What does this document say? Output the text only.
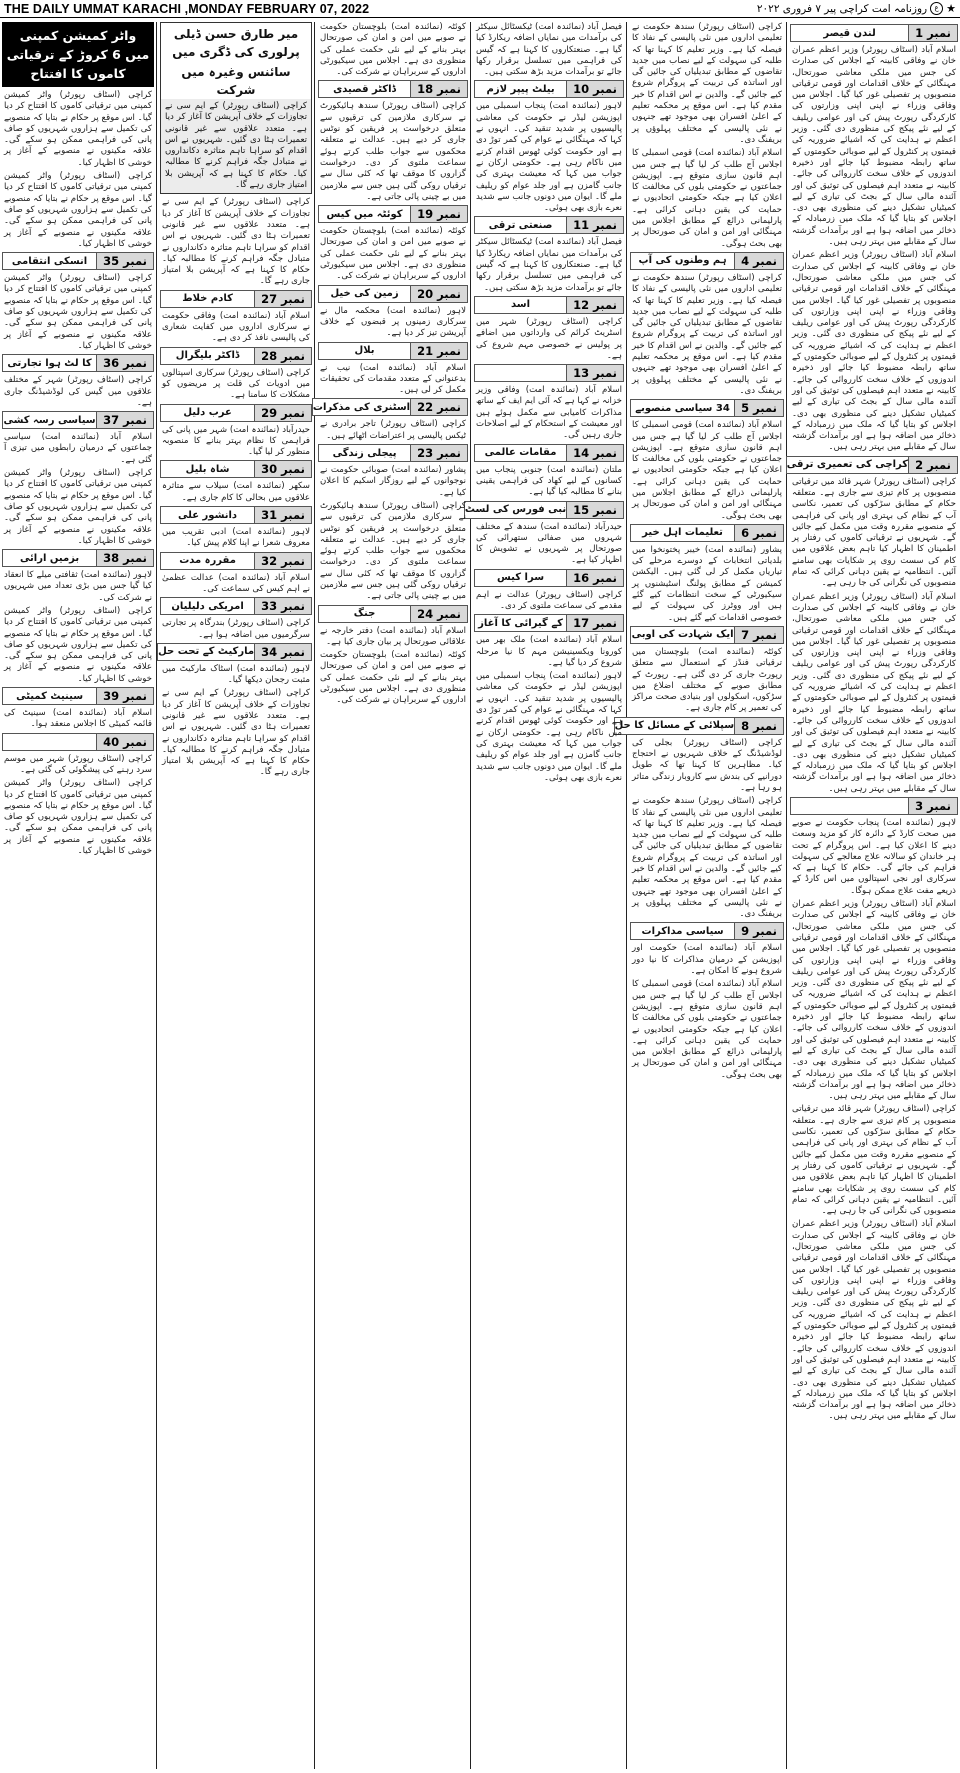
THE DAILY UMMAT KARACHI ,MONDAY FEBRUARY 07, 2022	★
ع
روزنامہ امت کراچی پیر ۷ فروری ۲۰۲۲
نمبر 1
لندن قیصر

اسلام آباد (اسٹاف رپورٹر) وزیر اعظم عمران خان نے وفاقی کابینہ کے اجلاس کی صدارت کی جس میں ملکی معاشی صورتحال، مہنگائی کے خلاف اقدامات اور قومی ترقیاتی منصوبوں پر تفصیلی غور کیا گیا۔ اجلاس میں وفاقی وزراء نے اپنی اپنی وزارتوں کی کارکردگی رپورٹ پیش کی اور عوامی ریلیف کے لیے نئے پیکج کی منظوری دی گئی۔ وزیر اعظم نے ہدایت کی کہ اشیائے ضروریہ کی قیمتوں پر کنٹرول کے لیے صوبائی حکومتوں کے ساتھ رابطہ مضبوط کیا جائے اور ذخیرہ اندوزوں کے خلاف سخت کارروائی کی جائے۔ کابینہ نے متعدد اہم فیصلوں کی توثیق کی اور آئندہ مالی سال کے بجٹ کی تیاری کے لیے کمیٹیاں تشکیل دینے کی منظوری بھی دی۔ اجلاس کو بتایا گیا کہ ملک میں زرمبادلہ کے ذخائر میں اضافہ ہوا ہے اور برآمدات گزشتہ سال کے مقابلے میں بہتر رہی ہیں۔

اسلام آباد (اسٹاف رپورٹر) وزیر اعظم عمران خان نے وفاقی کابینہ کے اجلاس کی صدارت کی جس میں ملکی معاشی صورتحال، مہنگائی کے خلاف اقدامات اور قومی ترقیاتی منصوبوں پر تفصیلی غور کیا گیا۔ اجلاس میں وفاقی وزراء نے اپنی اپنی وزارتوں کی کارکردگی رپورٹ پیش کی اور عوامی ریلیف کے لیے نئے پیکج کی منظوری دی گئی۔ وزیر اعظم نے ہدایت کی کہ اشیائے ضروریہ کی قیمتوں پر کنٹرول کے لیے صوبائی حکومتوں کے ساتھ رابطہ مضبوط کیا جائے اور ذخیرہ اندوزوں کے خلاف سخت کارروائی کی جائے۔ کابینہ نے متعدد اہم فیصلوں کی توثیق کی اور آئندہ مالی سال کے بجٹ کی تیاری کے لیے کمیٹیاں تشکیل دینے کی منظوری بھی دی۔ اجلاس کو بتایا گیا کہ ملک میں زرمبادلہ کے ذخائر میں اضافہ ہوا ہے اور برآمدات گزشتہ سال کے مقابلے میں بہتر رہی ہیں۔

نمبر 2
کراچی کی تعمیری ترقی

کراچی (اسٹاف رپورٹر) شہر قائد میں ترقیاتی منصوبوں پر کام تیزی سے جاری ہے۔ متعلقہ حکام کے مطابق سڑکوں کی تعمیر، نکاسی آب کے نظام کی بہتری اور پانی کی فراہمی کے منصوبے مقررہ وقت میں مکمل کیے جائیں گے۔ شہریوں نے ترقیاتی کاموں کی رفتار پر اطمینان کا اظہار کیا تاہم بعض علاقوں میں کام کی سست روی پر شکایات بھی سامنے آئیں۔ انتظامیہ نے یقین دہانی کرائی کہ تمام منصوبوں کی نگرانی کی جا رہی ہے۔

اسلام آباد (اسٹاف رپورٹر) وزیر اعظم عمران خان نے وفاقی کابینہ کے اجلاس کی صدارت کی جس میں ملکی معاشی صورتحال، مہنگائی کے خلاف اقدامات اور قومی ترقیاتی منصوبوں پر تفصیلی غور کیا گیا۔ اجلاس میں وفاقی وزراء نے اپنی اپنی وزارتوں کی کارکردگی رپورٹ پیش کی اور عوامی ریلیف کے لیے نئے پیکج کی منظوری دی گئی۔ وزیر اعظم نے ہدایت کی کہ اشیائے ضروریہ کی قیمتوں پر کنٹرول کے لیے صوبائی حکومتوں کے ساتھ رابطہ مضبوط کیا جائے اور ذخیرہ اندوزوں کے خلاف سخت کارروائی کی جائے۔ کابینہ نے متعدد اہم فیصلوں کی توثیق کی اور آئندہ مالی سال کے بجٹ کی تیاری کے لیے کمیٹیاں تشکیل دینے کی منظوری بھی دی۔ اجلاس کو بتایا گیا کہ ملک میں زرمبادلہ کے ذخائر میں اضافہ ہوا ہے اور برآمدات گزشتہ سال کے مقابلے میں بہتر رہی ہیں۔

نمبر 3

لاہور (نمائندہ امت) پنجاب حکومت نے صوبے میں صحت کارڈ کے دائرہ کار کو مزید وسعت دینے کا اعلان کیا ہے۔ اس پروگرام کے تحت ہر خاندان کو سالانہ علاج معالجے کی سہولت فراہم کی جائے گی۔ حکام کا کہنا ہے کہ سرکاری اور نجی اسپتالوں میں اس کارڈ کے ذریعے مفت علاج ممکن ہوگا۔

اسلام آباد (اسٹاف رپورٹر) وزیر اعظم عمران خان نے وفاقی کابینہ کے اجلاس کی صدارت کی جس میں ملکی معاشی صورتحال، مہنگائی کے خلاف اقدامات اور قومی ترقیاتی منصوبوں پر تفصیلی غور کیا گیا۔ اجلاس میں وفاقی وزراء نے اپنی اپنی وزارتوں کی کارکردگی رپورٹ پیش کی اور عوامی ریلیف کے لیے نئے پیکج کی منظوری دی گئی۔ وزیر اعظم نے ہدایت کی کہ اشیائے ضروریہ کی قیمتوں پر کنٹرول کے لیے صوبائی حکومتوں کے ساتھ رابطہ مضبوط کیا جائے اور ذخیرہ اندوزوں کے خلاف سخت کارروائی کی جائے۔ کابینہ نے متعدد اہم فیصلوں کی توثیق کی اور آئندہ مالی سال کے بجٹ کی تیاری کے لیے کمیٹیاں تشکیل دینے کی منظوری بھی دی۔ اجلاس کو بتایا گیا کہ ملک میں زرمبادلہ کے ذخائر میں اضافہ ہوا ہے اور برآمدات گزشتہ سال کے مقابلے میں بہتر رہی ہیں۔

کراچی (اسٹاف رپورٹر) شہر قائد میں ترقیاتی منصوبوں پر کام تیزی سے جاری ہے۔ متعلقہ حکام کے مطابق سڑکوں کی تعمیر، نکاسی آب کے نظام کی بہتری اور پانی کی فراہمی کے منصوبے مقررہ وقت میں مکمل کیے جائیں گے۔ شہریوں نے ترقیاتی کاموں کی رفتار پر اطمینان کا اظہار کیا تاہم بعض علاقوں میں کام کی سست روی پر شکایات بھی سامنے آئیں۔ انتظامیہ نے یقین دہانی کرائی کہ تمام منصوبوں کی نگرانی کی جا رہی ہے۔

اسلام آباد (اسٹاف رپورٹر) وزیر اعظم عمران خان نے وفاقی کابینہ کے اجلاس کی صدارت کی جس میں ملکی معاشی صورتحال، مہنگائی کے خلاف اقدامات اور قومی ترقیاتی منصوبوں پر تفصیلی غور کیا گیا۔ اجلاس میں وفاقی وزراء نے اپنی اپنی وزارتوں کی کارکردگی رپورٹ پیش کی اور عوامی ریلیف کے لیے نئے پیکج کی منظوری دی گئی۔ وزیر اعظم نے ہدایت کی کہ اشیائے ضروریہ کی قیمتوں پر کنٹرول کے لیے صوبائی حکومتوں کے ساتھ رابطہ مضبوط کیا جائے اور ذخیرہ اندوزوں کے خلاف سخت کارروائی کی جائے۔ کابینہ نے متعدد اہم فیصلوں کی توثیق کی اور آئندہ مالی سال کے بجٹ کی تیاری کے لیے کمیٹیاں تشکیل دینے کی منظوری بھی دی۔ اجلاس کو بتایا گیا کہ ملک میں زرمبادلہ کے ذخائر میں اضافہ ہوا ہے اور برآمدات گزشتہ سال کے مقابلے میں بہتر رہی ہیں۔

کراچی (اسٹاف رپورٹر) سندھ حکومت نے تعلیمی اداروں میں نئی پالیسی کے نفاذ کا فیصلہ کیا ہے۔ وزیر تعلیم کا کہنا تھا کہ طلبہ کی سہولت کے لیے نصاب میں جدید تقاضوں کے مطابق تبدیلیاں کی جائیں گی اور اساتذہ کی تربیت کے پروگرام شروع کیے جائیں گے۔ والدین نے اس اقدام کا خیر مقدم کیا ہے۔ اس موقع پر محکمہ تعلیم کے اعلیٰ افسران بھی موجود تھے جنہوں نے نئی پالیسی کے مختلف پہلوؤں پر بریفنگ دی۔

اسلام آباد (نمائندہ امت) قومی اسمبلی کا اجلاس آج طلب کر لیا گیا ہے جس میں اہم قانون سازی متوقع ہے۔ اپوزیشن جماعتوں نے حکومتی بلوں کی مخالفت کا اعلان کیا ہے جبکہ حکومتی اتحادیوں نے حمایت کی یقین دہانی کرائی ہے۔ پارلیمانی ذرائع کے مطابق اجلاس میں مہنگائی اور امن و امان کی صورتحال پر بھی بحث ہوگی۔

نمبر 4
ہم وطنوں کی آپ

کراچی (اسٹاف رپورٹر) سندھ حکومت نے تعلیمی اداروں میں نئی پالیسی کے نفاذ کا فیصلہ کیا ہے۔ وزیر تعلیم کا کہنا تھا کہ طلبہ کی سہولت کے لیے نصاب میں جدید تقاضوں کے مطابق تبدیلیاں کی جائیں گی اور اساتذہ کی تربیت کے پروگرام شروع کیے جائیں گے۔ والدین نے اس اقدام کا خیر مقدم کیا ہے۔ اس موقع پر محکمہ تعلیم کے اعلیٰ افسران بھی موجود تھے جنہوں نے نئی پالیسی کے مختلف پہلوؤں پر بریفنگ دی۔

نمبر 5
34 سیاسی منصوبے

اسلام آباد (نمائندہ امت) قومی اسمبلی کا اجلاس آج طلب کر لیا گیا ہے جس میں اہم قانون سازی متوقع ہے۔ اپوزیشن جماعتوں نے حکومتی بلوں کی مخالفت کا اعلان کیا ہے جبکہ حکومتی اتحادیوں نے حمایت کی یقین دہانی کرائی ہے۔ پارلیمانی ذرائع کے مطابق اجلاس میں مہنگائی اور امن و امان کی صورتحال پر بھی بحث ہوگی۔

نمبر 6
تعلیمات اہل خیر

پشاور (نمائندہ امت) خیبر پختونخوا میں بلدیاتی انتخابات کے دوسرے مرحلے کی تیاریاں مکمل کر لی گئی ہیں۔ الیکشن کمیشن کے مطابق پولنگ اسٹیشنوں پر سیکیورٹی کے سخت انتظامات کیے گئے ہیں اور ووٹرز کی سہولت کے لیے خصوصی اقدامات کیے گئے ہیں۔

نمبر 7
ایک شہادت کی اوبی

کوئٹہ (نمائندہ امت) بلوچستان میں ترقیاتی فنڈز کے استعمال سے متعلق رپورٹ جاری کر دی گئی ہے۔ رپورٹ کے مطابق صوبے کے مختلف اضلاع میں سڑکوں، اسکولوں اور بنیادی صحت مراکز کی تعمیر پر کام جاری ہے۔

نمبر 8
سپلائی کے مسائل کا حل

کراچی (اسٹاف رپورٹر) بجلی کی لوڈشیڈنگ کے خلاف شہریوں نے احتجاج کیا۔ مظاہرین کا کہنا تھا کہ طویل دورانیے کی بندش سے کاروبار زندگی متاثر ہو رہا ہے۔

کراچی (اسٹاف رپورٹر) سندھ حکومت نے تعلیمی اداروں میں نئی پالیسی کے نفاذ کا فیصلہ کیا ہے۔ وزیر تعلیم کا کہنا تھا کہ طلبہ کی سہولت کے لیے نصاب میں جدید تقاضوں کے مطابق تبدیلیاں کی جائیں گی اور اساتذہ کی تربیت کے پروگرام شروع کیے جائیں گے۔ والدین نے اس اقدام کا خیر مقدم کیا ہے۔ اس موقع پر محکمہ تعلیم کے اعلیٰ افسران بھی موجود تھے جنہوں نے نئی پالیسی کے مختلف پہلوؤں پر بریفنگ دی۔

نمبر 9
سیاسی مداکرات

اسلام آباد (نمائندہ امت) حکومت اور اپوزیشن کے درمیان مذاکرات کا نیا دور شروع ہونے کا امکان ہے۔

اسلام آباد (نمائندہ امت) قومی اسمبلی کا اجلاس آج طلب کر لیا گیا ہے جس میں اہم قانون سازی متوقع ہے۔ اپوزیشن جماعتوں نے حکومتی بلوں کی مخالفت کا اعلان کیا ہے جبکہ حکومتی اتحادیوں نے حمایت کی یقین دہانی کرائی ہے۔ پارلیمانی ذرائع کے مطابق اجلاس میں مہنگائی اور امن و امان کی صورتحال پر بھی بحث ہوگی۔

فیصل آباد (نمائندہ امت) ٹیکسٹائل سیکٹر کی برآمدات میں نمایاں اضافہ ریکارڈ کیا گیا ہے۔ صنعتکاروں کا کہنا ہے کہ گیس کی فراہمی میں تسلسل برقرار رکھا جائے تو برآمدات مزید بڑھ سکتی ہیں۔

نمبر 10
بیلٹ پیپر لازم

لاہور (نمائندہ امت) پنجاب اسمبلی میں اپوزیشن لیڈر نے حکومت کی معاشی پالیسیوں پر شدید تنقید کی۔ انہوں نے کہا کہ مہنگائی نے عوام کی کمر توڑ دی ہے اور حکومت کوئی ٹھوس اقدام کرنے میں ناکام رہی ہے۔ حکومتی ارکان نے جواب میں کہا کہ معیشت بہتری کی جانب گامزن ہے اور جلد عوام کو ریلیف ملے گا۔ ایوان میں دونوں جانب سے شدید نعرے بازی بھی ہوئی۔

نمبر 11
صنعتی ترقی

فیصل آباد (نمائندہ امت) ٹیکسٹائل سیکٹر کی برآمدات میں نمایاں اضافہ ریکارڈ کیا گیا ہے۔ صنعتکاروں کا کہنا ہے کہ گیس کی فراہمی میں تسلسل برقرار رکھا جائے تو برآمدات مزید بڑھ سکتی ہیں۔

نمبر 12
اسد

کراچی (اسٹاف رپورٹر) شہر میں اسٹریٹ کرائم کی وارداتوں میں اضافے پر پولیس نے خصوصی مہم شروع کی ہے۔

نمبر 13

اسلام آباد (نمائندہ امت) وفاقی وزیر خزانہ نے کہا ہے کہ آئی ایم ایف کے ساتھ مذاکرات کامیابی سے مکمل ہوئے ہیں اور معیشت کے استحکام کے لیے اصلاحات جاری رہیں گی۔

نمبر 14
مقامات عالمی

ملتان (نمائندہ امت) جنوبی پنجاب میں کسانوں کے لیے کھاد کی فراہمی یقینی بنانے کا مطالبہ کیا گیا ہے۔

نمبر 15
نبی فورس کی لسٹ

حیدرآباد (نمائندہ امت) سندھ کے مختلف شہروں میں صفائی ستھرائی کی صورتحال پر شہریوں نے تشویش کا اظہار کیا ہے۔

نمبر 16
سرا کیس

کراچی (اسٹاف رپورٹر) عدالت نے اہم مقدمے کی سماعت ملتوی کر دی۔

نمبر 17
کے گیرائی کا آغاز

اسلام آباد (نمائندہ امت) ملک بھر میں کورونا ویکسینیشن مہم کا نیا مرحلہ شروع کر دیا گیا ہے۔

لاہور (نمائندہ امت) پنجاب اسمبلی میں اپوزیشن لیڈر نے حکومت کی معاشی پالیسیوں پر شدید تنقید کی۔ انہوں نے کہا کہ مہنگائی نے عوام کی کمر توڑ دی ہے اور حکومت کوئی ٹھوس اقدام کرنے میں ناکام رہی ہے۔ حکومتی ارکان نے جواب میں کہا کہ معیشت بہتری کی جانب گامزن ہے اور جلد عوام کو ریلیف ملے گا۔ ایوان میں دونوں جانب سے شدید نعرے بازی بھی ہوئی۔

کوئٹہ (نمائندہ امت) بلوچستان حکومت نے صوبے میں امن و امان کی صورتحال بہتر بنانے کے لیے نئی حکمت عملی کی منظوری دی ہے۔ اجلاس میں سیکیورٹی اداروں کے سربراہان نے شرکت کی۔

نمبر 18
ڈاکٹر قصیدی

کراچی (اسٹاف رپورٹر) سندھ ہائیکورٹ نے سرکاری ملازمین کی ترقیوں سے متعلق درخواست پر فریقین کو نوٹس جاری کر دیے ہیں۔ عدالت نے متعلقہ محکموں سے جواب طلب کرتے ہوئے سماعت ملتوی کر دی۔ درخواست گزاروں کا موقف تھا کہ کئی سال سے ترقیاں روکی گئی ہیں جس سے ملازمین میں بے چینی پائی جاتی ہے۔

نمبر 19
کوئٹہ میں کیس

کوئٹہ (نمائندہ امت) بلوچستان حکومت نے صوبے میں امن و امان کی صورتحال بہتر بنانے کے لیے نئی حکمت عملی کی منظوری دی ہے۔ اجلاس میں سیکیورٹی اداروں کے سربراہان نے شرکت کی۔

نمبر 20
زمین کی خیل

لاہور (نمائندہ امت) محکمہ مال نے سرکاری زمینوں پر قبضوں کے خلاف آپریشن تیز کر دیا ہے۔

نمبر 21
بلال

اسلام آباد (نمائندہ امت) نیب نے بدعنوانی کے متعدد مقدمات کی تحقیقات مکمل کر لی ہیں۔

نمبر 22
اسٹنری کی مذکرات

کراچی (اسٹاف رپورٹر) تاجر برادری نے ٹیکس پالیسی پر اعتراضات اٹھائے ہیں۔

نمبر 23
پیجلی زندگی

پشاور (نمائندہ امت) صوبائی حکومت نے نوجوانوں کے لیے روزگار اسکیم کا اعلان کیا ہے۔

کراچی (اسٹاف رپورٹر) سندھ ہائیکورٹ نے سرکاری ملازمین کی ترقیوں سے متعلق درخواست پر فریقین کو نوٹس جاری کر دیے ہیں۔ عدالت نے متعلقہ محکموں سے جواب طلب کرتے ہوئے سماعت ملتوی کر دی۔ درخواست گزاروں کا موقف تھا کہ کئی سال سے ترقیاں روکی گئی ہیں جس سے ملازمین میں بے چینی پائی جاتی ہے۔

نمبر 24
جنگ

اسلام آباد (نمائندہ امت) دفتر خارجہ نے علاقائی صورتحال پر بیان جاری کیا ہے۔

کوئٹہ (نمائندہ امت) بلوچستان حکومت نے صوبے میں امن و امان کی صورتحال بہتر بنانے کے لیے نئی حکمت عملی کی منظوری دی ہے۔ اجلاس میں سیکیورٹی اداروں کے سربراہان نے شرکت کی۔

میر طارق حسن ڈیلی پرلوری کی ڈگری میں
سائنس وغیرہ میں شرکت
کراچی (اسٹاف رپورٹر) کے ایم سی نے تجاوزات کے خلاف آپریشن کا آغاز کر دیا ہے۔ متعدد علاقوں سے غیر قانونی تعمیرات ہٹا دی گئیں۔ شہریوں نے اس اقدام کو سراہا تاہم متاثرہ دکانداروں نے متبادل جگہ فراہم کرنے کا مطالبہ کیا۔ حکام کا کہنا ہے کہ آپریشن بلا امتیاز جاری رہے گا۔

کراچی (اسٹاف رپورٹر) کے ایم سی نے تجاوزات کے خلاف آپریشن کا آغاز کر دیا ہے۔ متعدد علاقوں سے غیر قانونی تعمیرات ہٹا دی گئیں۔ شہریوں نے اس اقدام کو سراہا تاہم متاثرہ دکانداروں نے متبادل جگہ فراہم کرنے کا مطالبہ کیا۔ حکام کا کہنا ہے کہ آپریشن بلا امتیاز جاری رہے گا۔

نمبر 27
کادم خلاط

اسلام آباد (نمائندہ امت) وفاقی حکومت نے سرکاری اداروں میں کفایت شعاری کی پالیسی نافذ کر دی ہے۔

نمبر 28
ڈاکٹر بلیگرال

کراچی (اسٹاف رپورٹر) سرکاری اسپتالوں میں ادویات کی قلت پر مریضوں کو مشکلات کا سامنا ہے۔

نمبر 29
عرب دلیل

حیدرآباد (نمائندہ امت) شہر میں پانی کی فراہمی کا نظام بہتر بنانے کا منصوبہ منظور کر لیا گیا۔

نمبر 30
شاہ بلیل

سکھر (نمائندہ امت) سیلاب سے متاثرہ علاقوں میں بحالی کا کام جاری ہے۔

نمبر 31
دانشور علی

لاہور (نمائندہ امت) ادبی تقریب میں معروف شعرا نے اپنا کلام پیش کیا۔

نمبر 32
مقررہ مدت

اسلام آباد (نمائندہ امت) عدالت عظمیٰ نے اہم کیس کی سماعت کی۔

نمبر 33
امریکی دلیلیان

کراچی (اسٹاف رپورٹر) بندرگاہ پر تجارتی سرگرمیوں میں اضافہ ہوا ہے۔

نمبر 34
مارکیٹ کے تحت حل

لاہور (نمائندہ امت) اسٹاک مارکیٹ میں مثبت رجحان دیکھا گیا۔

کراچی (اسٹاف رپورٹر) کے ایم سی نے تجاوزات کے خلاف آپریشن کا آغاز کر دیا ہے۔ متعدد علاقوں سے غیر قانونی تعمیرات ہٹا دی گئیں۔ شہریوں نے اس اقدام کو سراہا تاہم متاثرہ دکانداروں نے متبادل جگہ فراہم کرنے کا مطالبہ کیا۔ حکام کا کہنا ہے کہ آپریشن بلا امتیاز جاری رہے گا۔

واٹر کمیشن کمپنی میں 6 کروڑ کے ترقیاتی کاموں کا افتتاح

کراچی (اسٹاف رپورٹر) واٹر کمیشن کمپنی میں ترقیاتی کاموں کا افتتاح کر دیا گیا۔ اس موقع پر حکام نے بتایا کہ منصوبے کی تکمیل سے ہزاروں شہریوں کو صاف پانی کی فراہمی ممکن ہو سکے گی۔ علاقہ مکینوں نے منصوبے کے آغاز پر خوشی کا اظہار کیا۔

کراچی (اسٹاف رپورٹر) واٹر کمیشن کمپنی میں ترقیاتی کاموں کا افتتاح کر دیا گیا۔ اس موقع پر حکام نے بتایا کہ منصوبے کی تکمیل سے ہزاروں شہریوں کو صاف پانی کی فراہمی ممکن ہو سکے گی۔ علاقہ مکینوں نے منصوبے کے آغاز پر خوشی کا اظہار کیا۔

نمبر 35
انسکی انتقامی

کراچی (اسٹاف رپورٹر) واٹر کمیشن کمپنی میں ترقیاتی کاموں کا افتتاح کر دیا گیا۔ اس موقع پر حکام نے بتایا کہ منصوبے کی تکمیل سے ہزاروں شہریوں کو صاف پانی کی فراہمی ممکن ہو سکے گی۔ علاقہ مکینوں نے منصوبے کے آغاز پر خوشی کا اظہار کیا۔

نمبر 36
کا لٹ ہوا تجارتی

کراچی (اسٹاف رپورٹر) شہر کے مختلف علاقوں میں گیس کی لوڈشیڈنگ جاری ہے۔

نمبر 37
سیاسی رسہ کشی

اسلام آباد (نمائندہ امت) سیاسی جماعتوں کے درمیان رابطوں میں تیزی آ گئی ہے۔

کراچی (اسٹاف رپورٹر) واٹر کمیشن کمپنی میں ترقیاتی کاموں کا افتتاح کر دیا گیا۔ اس موقع پر حکام نے بتایا کہ منصوبے کی تکمیل سے ہزاروں شہریوں کو صاف پانی کی فراہمی ممکن ہو سکے گی۔ علاقہ مکینوں نے منصوبے کے آغاز پر خوشی کا اظہار کیا۔

نمبر 38
بزمیں ارائی

لاہور (نمائندہ امت) ثقافتی میلے کا انعقاد کیا گیا جس میں بڑی تعداد میں شہریوں نے شرکت کی۔

کراچی (اسٹاف رپورٹر) واٹر کمیشن کمپنی میں ترقیاتی کاموں کا افتتاح کر دیا گیا۔ اس موقع پر حکام نے بتایا کہ منصوبے کی تکمیل سے ہزاروں شہریوں کو صاف پانی کی فراہمی ممکن ہو سکے گی۔ علاقہ مکینوں نے منصوبے کے آغاز پر خوشی کا اظہار کیا۔

نمبر 39
سینیٹ کمیٹی

اسلام آباد (نمائندہ امت) سینیٹ کی قائمہ کمیٹی کا اجلاس منعقد ہوا۔

نمبر 40

کراچی (اسٹاف رپورٹر) شہر میں موسم سرد رہنے کی پیشگوئی کی گئی ہے۔

کراچی (اسٹاف رپورٹر) واٹر کمیشن کمپنی میں ترقیاتی کاموں کا افتتاح کر دیا گیا۔ اس موقع پر حکام نے بتایا کہ منصوبے کی تکمیل سے ہزاروں شہریوں کو صاف پانی کی فراہمی ممکن ہو سکے گی۔ علاقہ مکینوں نے منصوبے کے آغاز پر خوشی کا اظہار کیا۔
